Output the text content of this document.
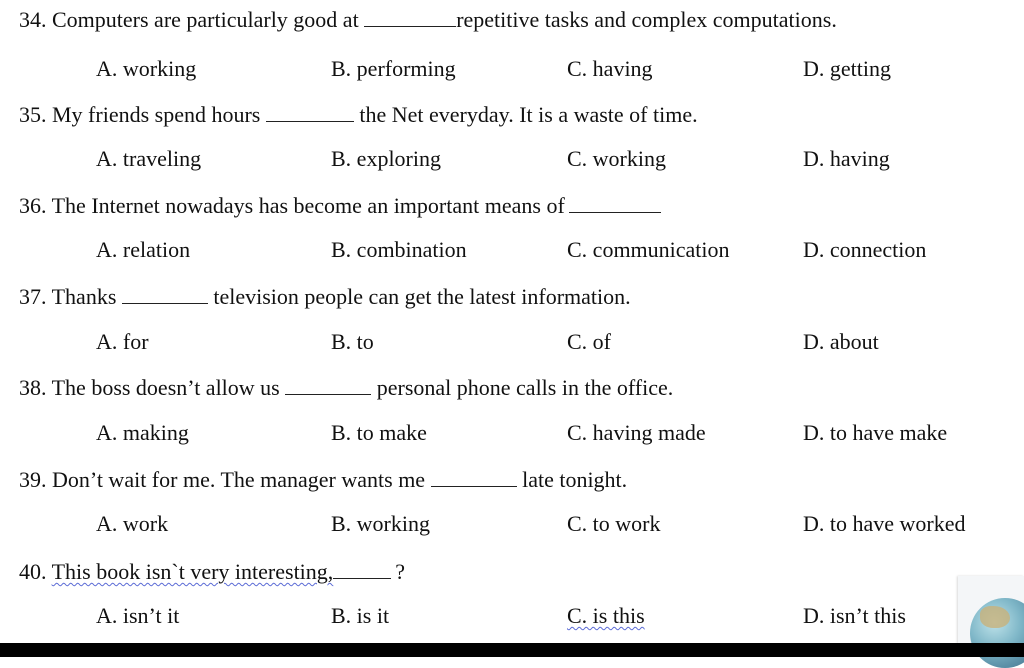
34. Computers are particularly good at	repetitive tasks and complex computations.
A. working	B. performing	C. having	D. getting
35. My friends spend hours	the Net everyday. It is a waste of time.
A. traveling	B. exploring	C. working	D. having
36. The Internet nowadays has become an important means of
A. relation	B. combination	C. communication	D. connection
37. Thanks	television people can get the latest information.
A. for	B. to	C. of	D. about
38. The boss doesn’t allow us	personal phone calls in the office.
A. making	B. to make	C. having made	D. to have make
39. Don’t wait for me. The manager wants me	late tonight.
A. work	B. working	C. to work	D. to have worked
40. This book isn`t very interesting,	?
A. isn’t it	B. is it	C. is this	D. isn’t this
